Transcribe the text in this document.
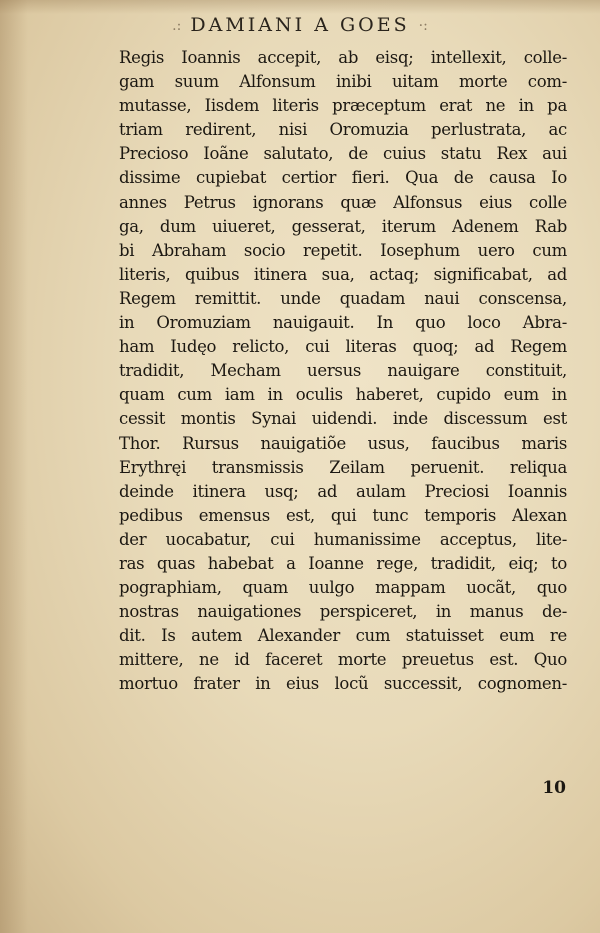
.: DAMIANI A GOES ·:
Regis Ioannis accepit, ab eisq; intellexit, colle-
gam suum Alfonsum inibi uitam morte com-
mutasse, Iisdem literis præceptum erat ne in pa
triam redirent, nisi Oromuzia perlustrata, ac
Precioso Ioãne salutato, de cuius statu Rex aui
dissime cupiebat certior fieri. Qua de causa Io
annes Petrus ignorans quæ Alfonsus eius colle
ga, dum uiueret, gesserat, iterum Adenem Rab
bi Abraham socio repetit. Iosephum uero cum
literis, quibus itinera sua, actaq; significabat, ad
Regem remittit. unde quadam naui conscensa,
in Oromuziam nauigauit. In quo loco Abra-
ham Iudęo relicto, cui literas quoq; ad Regem
tradidit, Mecham uersus nauigare constituit,
quam cum iam in oculis haberet, cupido eum in
cessit montis Synai uidendi. inde discessum est
Thor. Rursus nauigatiõe usus, faucibus maris
Erythręi transmissis Zeilam peruenit. reliqua
deinde itinera usq; ad aulam Preciosi Ioannis
pedibus emensus est, qui tunc temporis Alexan
der uocabatur, cui humanissime acceptus, lite-
ras quas habebat a Ioanne rege, tradidit, eiq; to
pographiam, quam uulgo mappam uocãt, quo
nostras nauigationes perspiceret, in manus de-
dit. Is autem Alexander cum statuisset eum re
mittere, ne id faceret morte preuetus est. Quo
mortuo frater in eius locũ successit, cognomen-
10
